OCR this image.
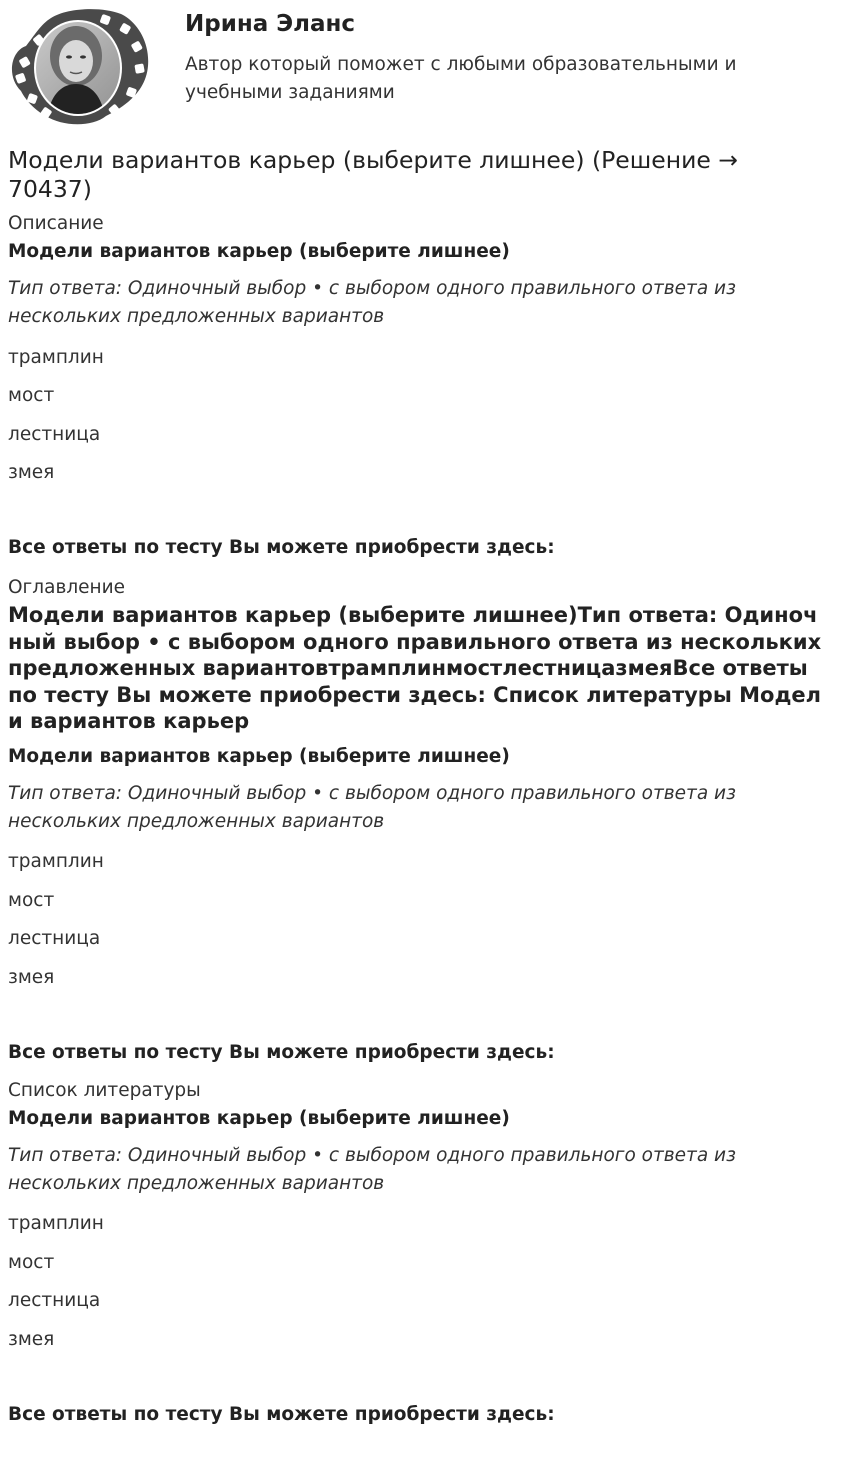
Ирина Эланс
Автор который поможет с любыми образовательными и учебными заданиями
Модели вариантов карьер (выберите лишнее) (Решение → 70437)
Описание
Модели вариантов карьер (выберите лишнее)
Тип ответа: Одиночный выбор • с выбором одного правильного ответа из нескольких предложенных вариантов
трамплин
мост
лестница
змея
Все ответы по тесту Вы можете приобрести здесь:
Оглавление
Модели вариантов карьер (выберите лишнее)Тип ответа: Одиночный выбор • с выбором одного правильного ответа из нескольких предложенных вариантовтрамплинмостлестницазмеяВсе ответы по тесту Вы можете приобрести здесь: Список литературы Модели вариантов карьер
Модели вариантов карьер (выберите лишнее)
Тип ответа: Одиночный выбор • с выбором одного правильного ответа из нескольких предложенных вариантов
трамплин
мост
лестница
змея
Все ответы по тесту Вы можете приобрести здесь:
Список литературы
Модели вариантов карьер (выберите лишнее)
Тип ответа: Одиночный выбор • с выбором одного правильного ответа из нескольких предложенных вариантов
трамплин
мост
лестница
змея
Все ответы по тесту Вы можете приобрести здесь:
